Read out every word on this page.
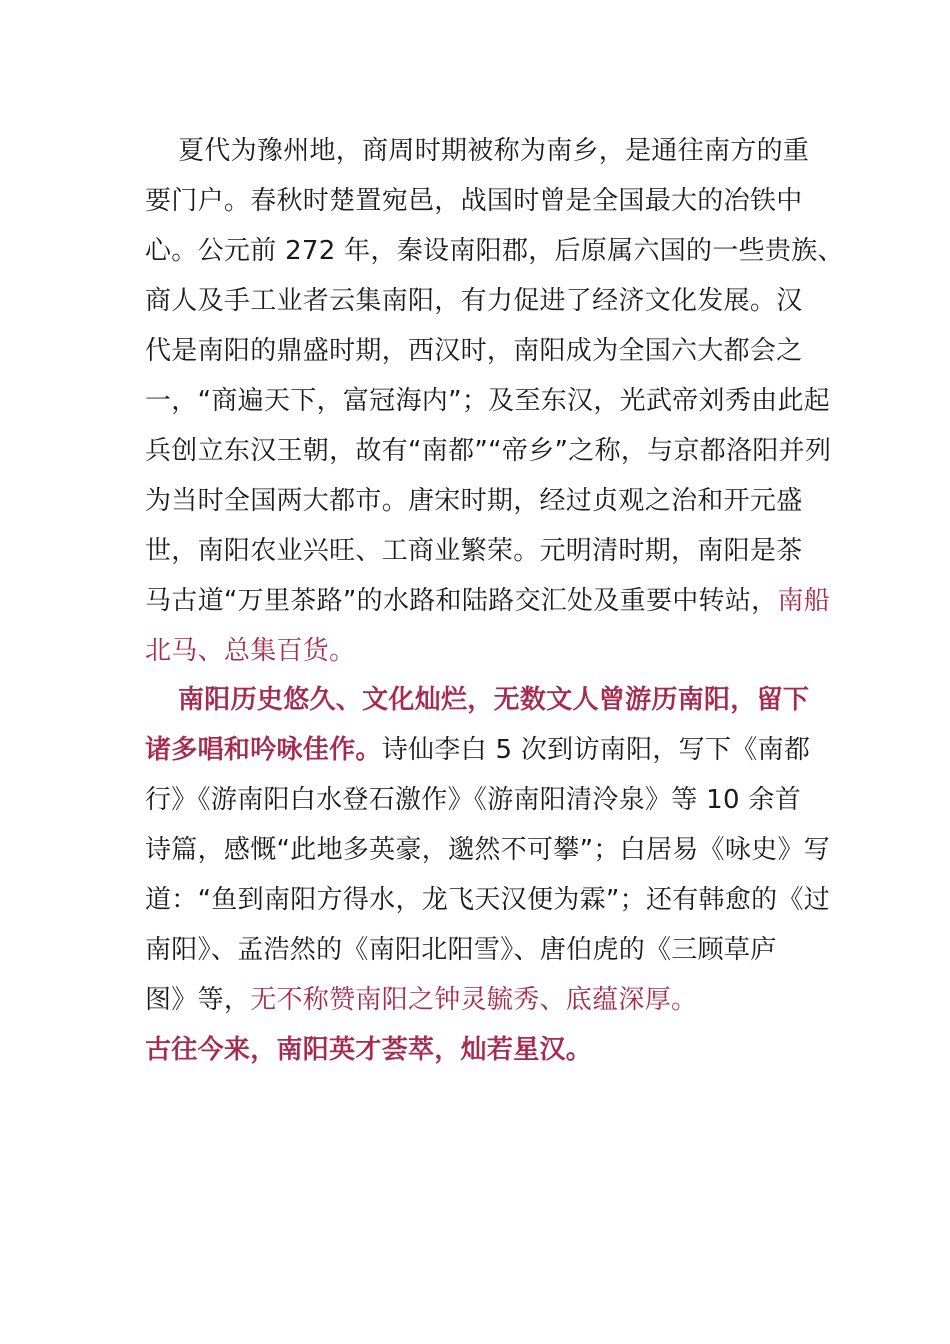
夏代为豫州地，商周时期被称为南乡，是通往南方的重
要门户。春秋时楚置宛邑，战国时曾是全国最大的冶铁中
心。公元前 272 年，秦设南阳郡，后原属六国的一些贵族、
商人及手工业者云集南阳，有力促进了经济文化发展。汉
代是南阳的鼎盛时期，西汉时，南阳成为全国六大都会之
一，“商遍天下，富冠海内”；及至东汉，光武帝刘秀由此起
兵创立东汉王朝，故有“南都”“帝乡”之称，与京都洛阳并列
为当时全国两大都市。唐宋时期，经过贞观之治和开元盛
世，南阳农业兴旺、工商业繁荣。元明清时期，南阳是茶
马古道“万里茶路”的水路和陆路交汇处及重要中转站，南船
北马、总集百货。
南阳历史悠久、文化灿烂，无数文人曾游历南阳，留下
诸多唱和吟咏佳作。诗仙李白 5 次到访南阳，写下《南都
行》《游南阳白水登石激作》《游南阳清泠泉》等 10 余首
诗篇，感慨“此地多英豪，邈然不可攀”；白居易《咏史》写
道：“鱼到南阳方得水，龙飞天汉便为霖”；还有韩愈的《过
南阳》、孟浩然的《南阳北阳雪》、唐伯虎的《三顾草庐
图》等，无不称赞南阳之钟灵毓秀、底蕴深厚。
古往今来，南阳英才荟萃，灿若星汉。
